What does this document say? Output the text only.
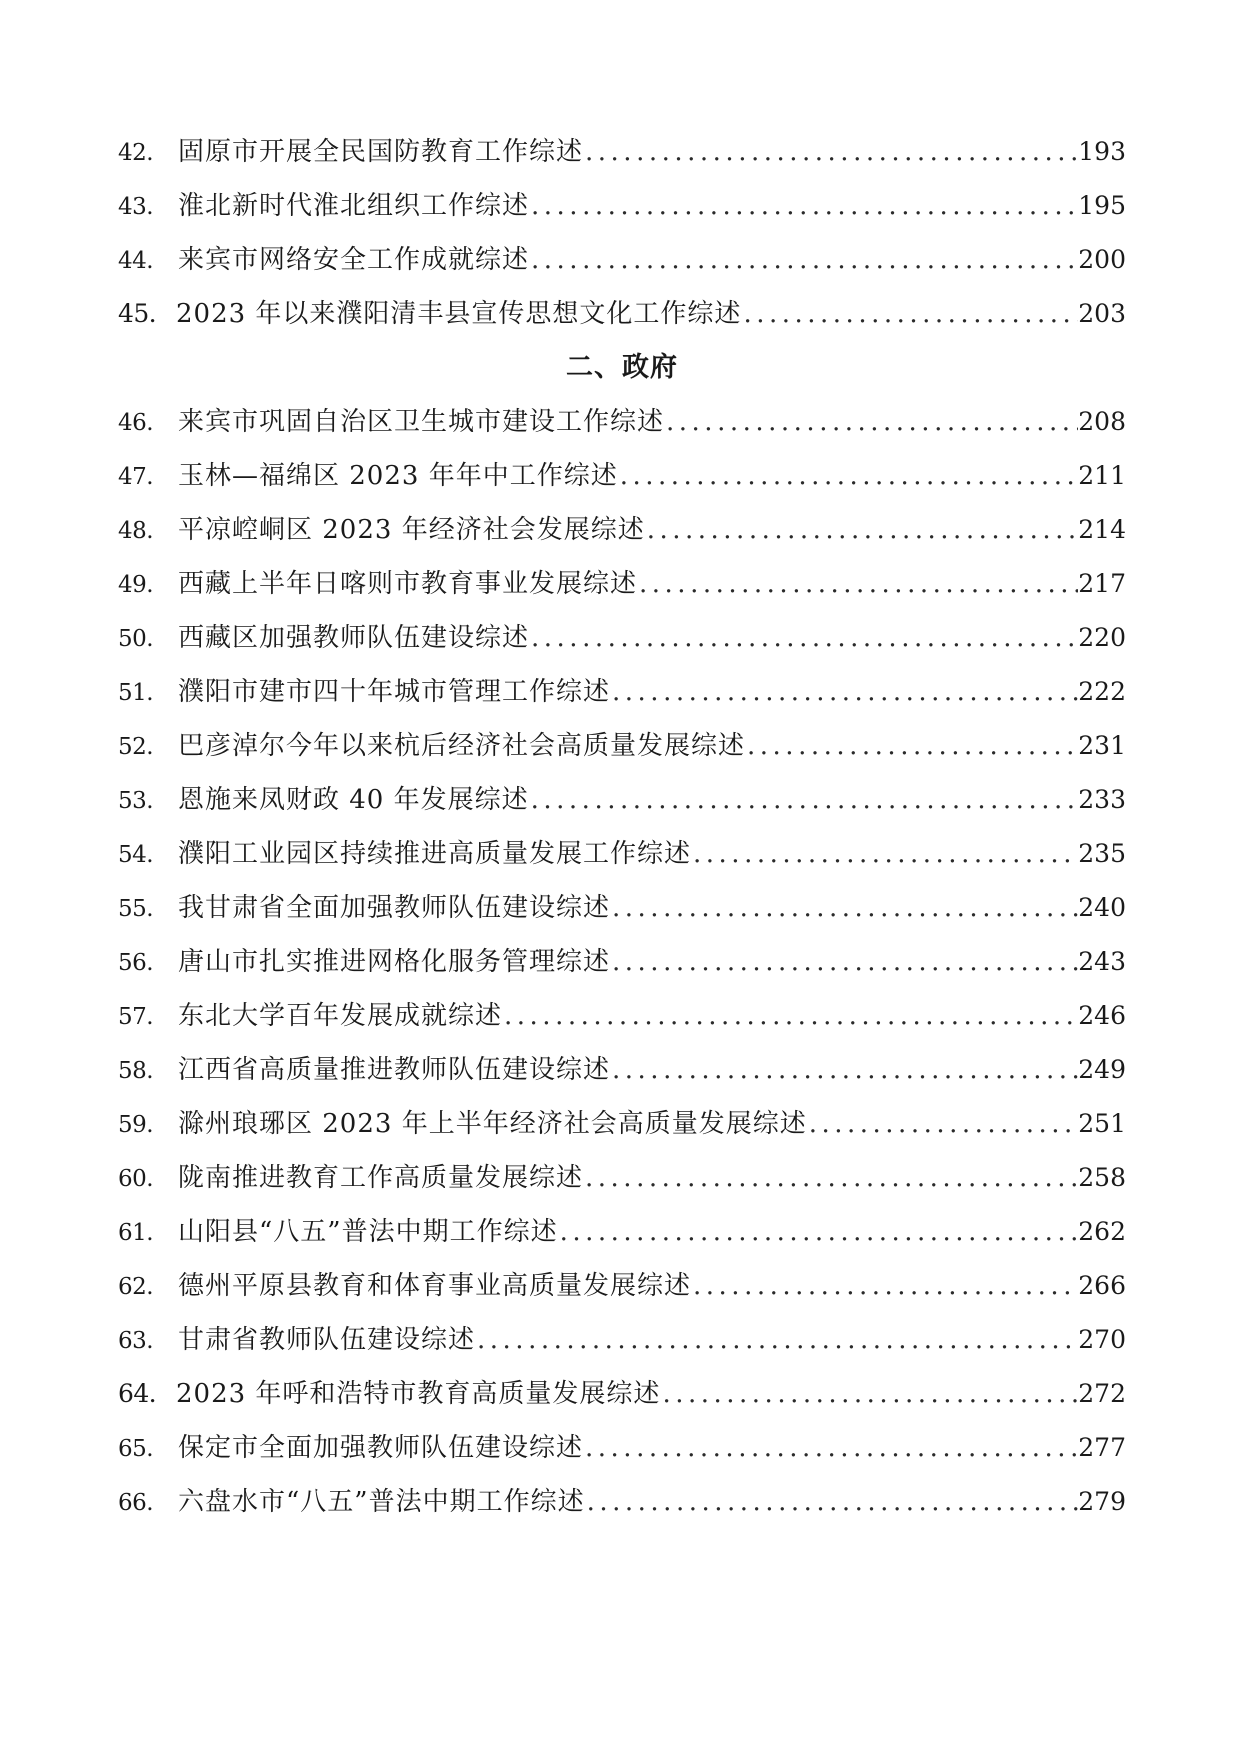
42. 固原市开展全民国防教育工作综述 .....	193
43. 淮北新时代淮北组织工作综述 .....	195
44. 来宾市网络安全工作成就综述 .....	200
45． 2023 年以来濮阳清丰县宣传思想文化工作综述 .....	203
二、政府
46. 来宾市巩固自治区卫生城市建设工作综述 .....	208
47. 玉林—福绵区 2023 年年中工作综述 .....	211
48. 平凉崆峒区 2023 年经济社会发展综述 .....	214
49. 西藏上半年日喀则市教育事业发展综述 .....	217
50. 西藏区加强教师队伍建设综述 .....	220
51. 濮阳市建市四十年城市管理工作综述 .....	222
52. 巴彦淖尔今年以来杭后经济社会高质量发展综述 .....	231
53. 恩施来凤财政 40 年发展综述 .....	233
54. 濮阳工业园区持续推进高质量发展工作综述 .....	235
55. 我甘肃省全面加强教师队伍建设综述 .....	240
56. 唐山市扎实推进网格化服务管理综述 .....	243
57. 东北大学百年发展成就综述 .....	246
58. 江西省高质量推进教师队伍建设综述 .....	249
59. 滁州琅琊区 2023 年上半年经济社会高质量发展综述 .....	251
60. 陇南推进教育工作高质量发展综述 .....	258
61. 山阳县“八五”普法中期工作综述 .....	262
62. 德州平原县教育和体育事业高质量发展综述 .....	266
63. 甘肃省教师队伍建设综述 .....	270
64． 2023 年呼和浩特市教育高质量发展综述 .....	272
65. 保定市全面加强教师队伍建设综述 .....	277
66. 六盘水市“八五”普法中期工作综述 .....	279
